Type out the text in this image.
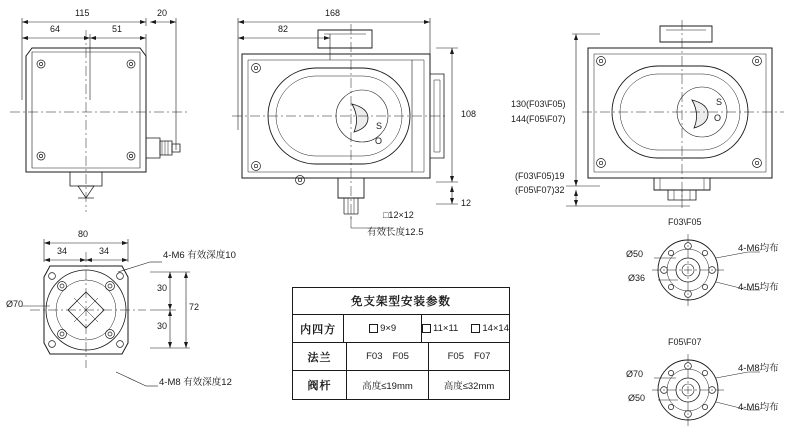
115
64	51
20	168
82
108
12
□12×12
有效长度12.5
S
O
130(F03\F05)
144(F05\F07)
(F03\F05)19
(F05\F07)32
S
O
80
34	34
30
30
72
Ø70
4-M6 有效深度10
4-M8 有效深度12
F03\F05
Ø50
Ø36
4-M6均布
4-M5均布
F05\F07
Ø70
Ø50
4-M8均布
4-M6均布
免支架型安装参数
内四方	9×9	11×11	14×14
法兰	F03 F05	F05 F07
阀杆	高度≤19mm	高度≤32mm
